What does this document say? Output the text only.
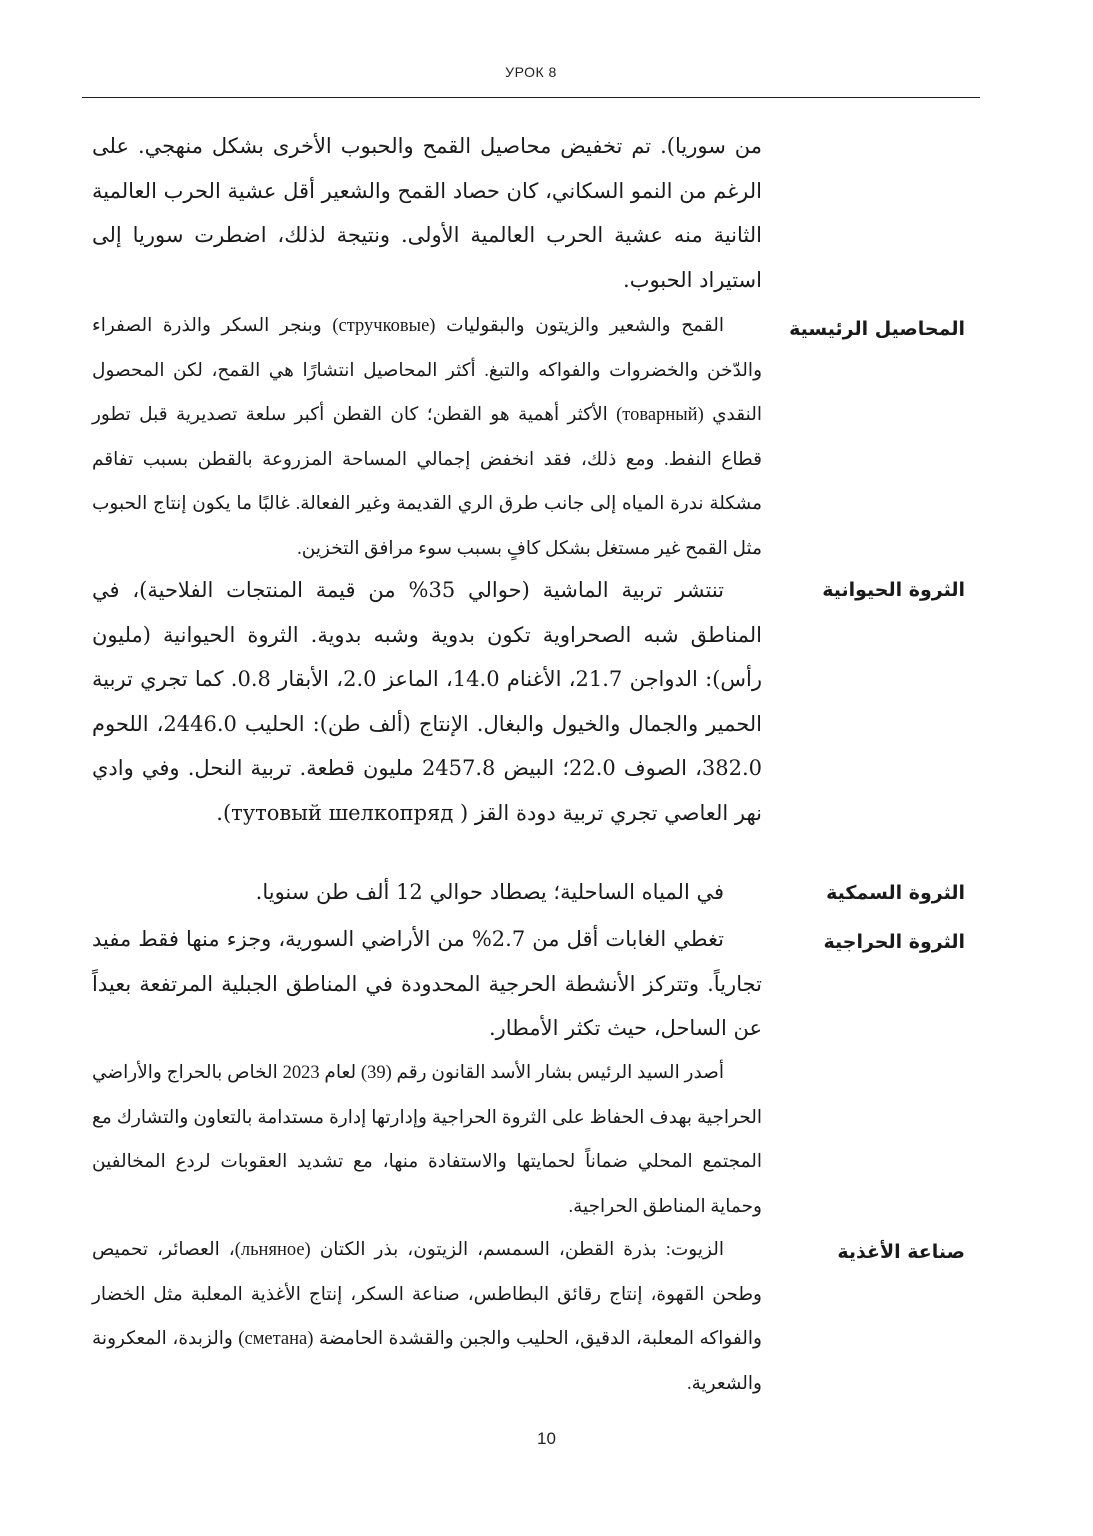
УРОК 8

من سوريا). تم تخفيض محاصيل القمح والحبوب الأخرى بشكل منهجي. على الرغم من النمو السكاني، كان حصاد القمح والشعير أقل عشية الحرب العالمية الثانية منه عشية الحرب العالمية الأولى. ونتيجة لذلك، اضطرت سوريا إلى استيراد الحبوب.

المحاصيل الرئيسية

القمح والشعير والزيتون والبقوليات (стручковые) وبنجر السكر والذرة الصفراء والدّخن والخضروات والفواكه والتبغ. أكثر المحاصيل انتشارًا هي القمح، لكن المحصول النقدي (товарный) الأكثر أهمية هو القطن؛ كان القطن أكبر سلعة تصديرية قبل تطور قطاع النفط. ومع ذلك، فقد انخفض إجمالي المساحة المزروعة بالقطن بسبب تفاقم مشكلة ندرة المياه إلى جانب طرق الري القديمة وغير الفعالة. غالبًا ما يكون إنتاج الحبوب مثل القمح غير مستغل بشكل كافٍ بسبب سوء مرافق التخزين.

الثروة الحيوانية

تنتشر تربية الماشية (حوالي 35% من قيمة المنتجات الفلاحية)، في المناطق شبه الصحراوية تكون بدوية وشبه بدوية. الثروة الحيوانية (مليون رأس): الدواجن 21.7، الأغنام 14.0، الماعز 2.0، الأبقار 0.8. كما تجري تربية الحمير والجمال والخيول والبغال. الإنتاج (ألف طن): الحليب 2446.0، اللحوم 382.0، الصوف 22.0؛ البيض 2457.8 مليون قطعة. تربية النحل. وفي وادي نهر العاصي تجري تربية دودة القز ( тутовый шелкопряд).

الثروة السمكية

في المياه الساحلية؛ يصطاد حوالي 12 ألف طن سنويا.

الثروة الحراجية

تغطي الغابات أقل من 2.7% من الأراضي السورية، وجزء منها فقط مفيد تجارياً. وتتركز الأنشطة الحرجية المحدودة في المناطق الجبلية المرتفعة بعيداً عن الساحل، حيث تكثر الأمطار.

أصدر السيد الرئيس بشار الأسد القانون رقم (39) لعام 2023 الخاص بالحراج والأراضي الحراجية بهدف الحفاظ على الثروة الحراجية وإدارتها إدارة مستدامة بالتعاون والتشارك مع المجتمع المحلي ضماناً لحمايتها والاستفادة منها، مع تشديد العقوبات لردع المخالفين وحماية المناطق الحراجية.

صناعة الأغذية

الزيوت: بذرة القطن، السمسم، الزيتون، بذر الكتان (льняное)، العصائر، تحميص وطحن القهوة، إنتاج رقائق البطاطس، صناعة السكر، إنتاج الأغذية المعلبة مثل الخضار والفواكه المعلبة، الدقيق، الحليب والجبن والقشدة الحامضة (сметана) والزبدة، المعكرونة والشعرية.

10
